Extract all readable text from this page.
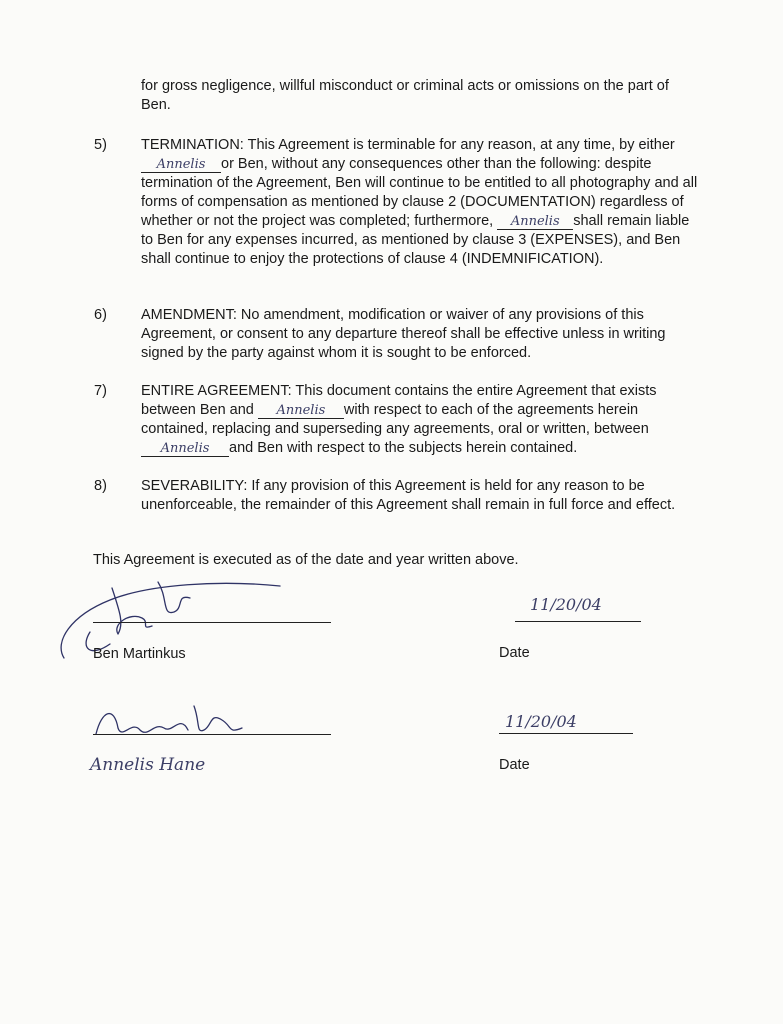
for gross negligence, willful misconduct or criminal acts or omissions on the part of Ben.
5) TERMINATION: This Agreement is terminable for any reason, at any time, by either Annelis or Ben, without any consequences other than the following: despite termination of the Agreement, Ben will continue to be entitled to all photography and all forms of compensation as mentioned by clause 2 (DOCUMENTATION) regardless of whether or not the project was completed; furthermore, Annelis shall remain liable to Ben for any expenses incurred, as mentioned by clause 3 (EXPENSES), and Ben shall continue to enjoy the protections of clause 4 (INDEMNIFICATION).
6) AMENDMENT: No amendment, modification or waiver of any provisions of this Agreement, or consent to any departure thereof shall be effective unless in writing signed by the party against whom it is sought to be enforced.
7) ENTIRE AGREEMENT: This document contains the entire Agreement that exists between Ben and Annelis with respect to each of the agreements herein contained, replacing and superseding any agreements, oral or written, between Annelis and Ben with respect to the subjects herein contained.
8) SEVERABILITY: If any provision of this Agreement is held for any reason to be unenforceable, the remainder of this Agreement shall remain in full force and effect.
This Agreement is executed as of the date and year written above.
Ben Martinkus
11/20/04
Date
Annelis Hane
11/20/04
Date
